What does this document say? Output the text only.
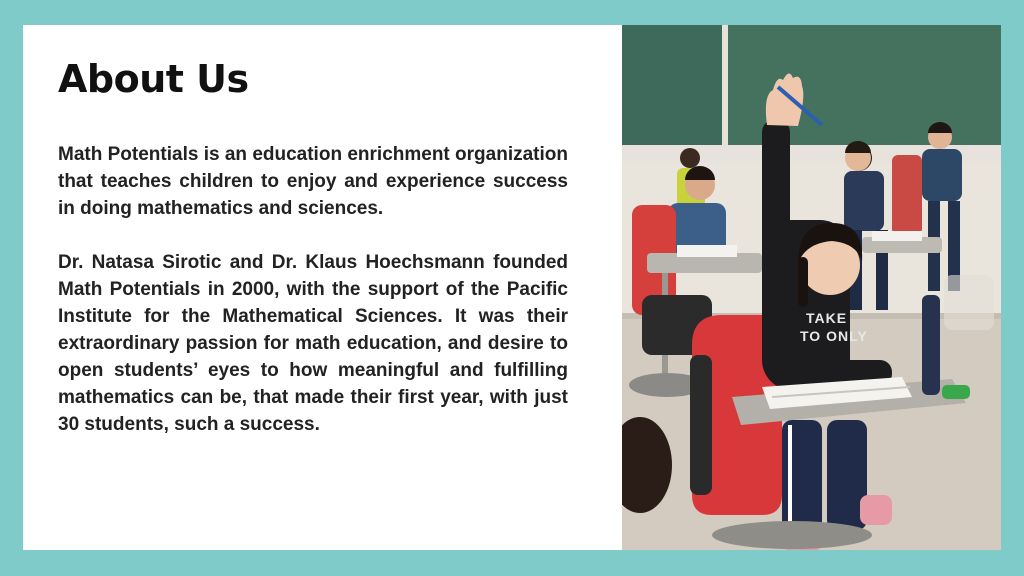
About Us

Math Potentials is an education enrichment organization that teaches children to enjoy and experience success in doing mathematics and sciences.

Dr. Natasa Sirotic and Dr. Klaus Hoechsmann founded Math Potentials in 2000, with the support of the Pacific Institute for the Mathematical Sciences. It was their extraordinary passion for math education, and desire to open students’ eyes to how meaningful and fulfilling mathematics can be, that made their first year, with just 30 students, such a success.

TAKE
TO ONLY
